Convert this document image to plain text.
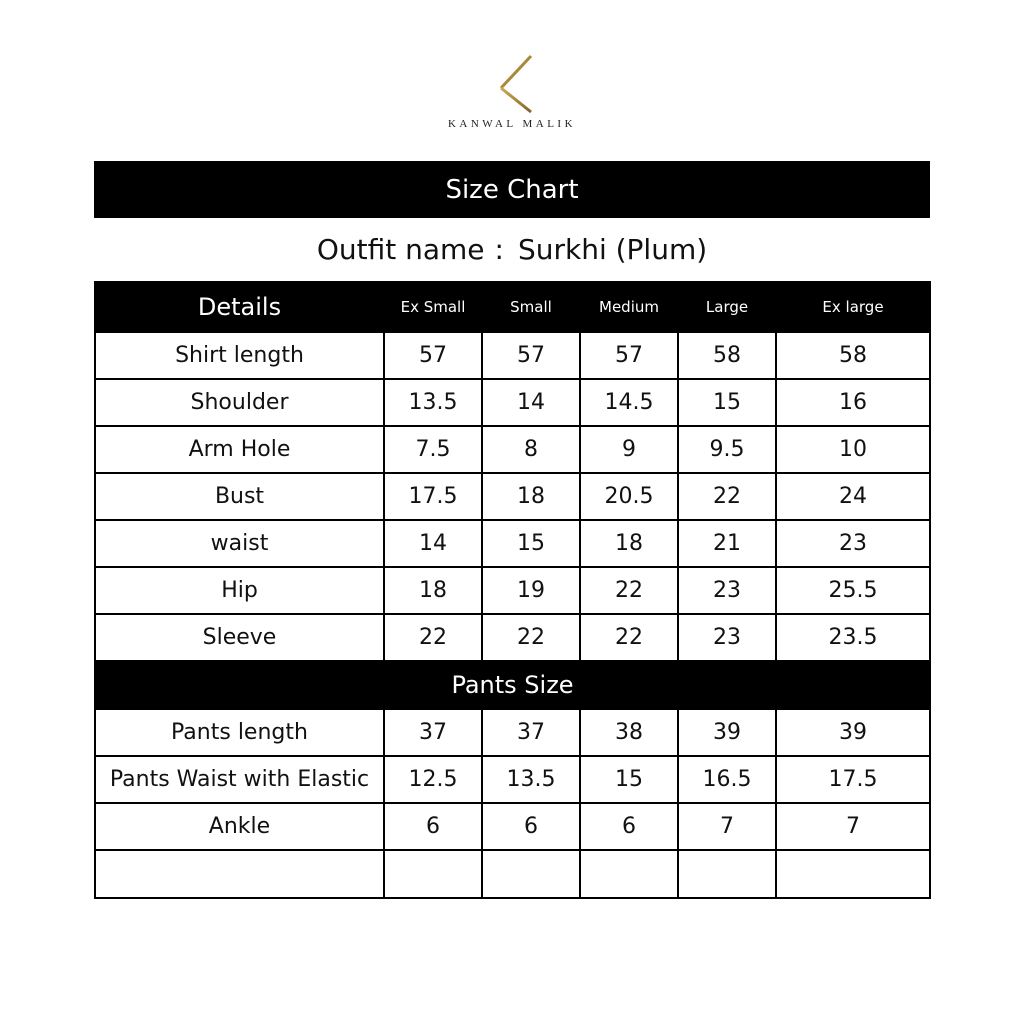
KANWAL MALIK
Size Chart
Outfit name : Surkhi (Plum)
Details	Ex Small	Small	Medium	Large	Ex large
Shirt length	57	57	57	58	58
Shoulder	13.5	14	14.5	15	16
Arm Hole	7.5	8	9	9.5	10
Bust	17.5	18	20.5	22	24
waist	14	15	18	21	23
Hip	18	19	22	23	25.5
Sleeve	22	22	22	23	23.5
Pants Size					
Pants length	37	37	38	39	39
Pants Waist with Elastic	12.5	13.5	15	16.5	17.5
Ankle	6	6	6	7	7
